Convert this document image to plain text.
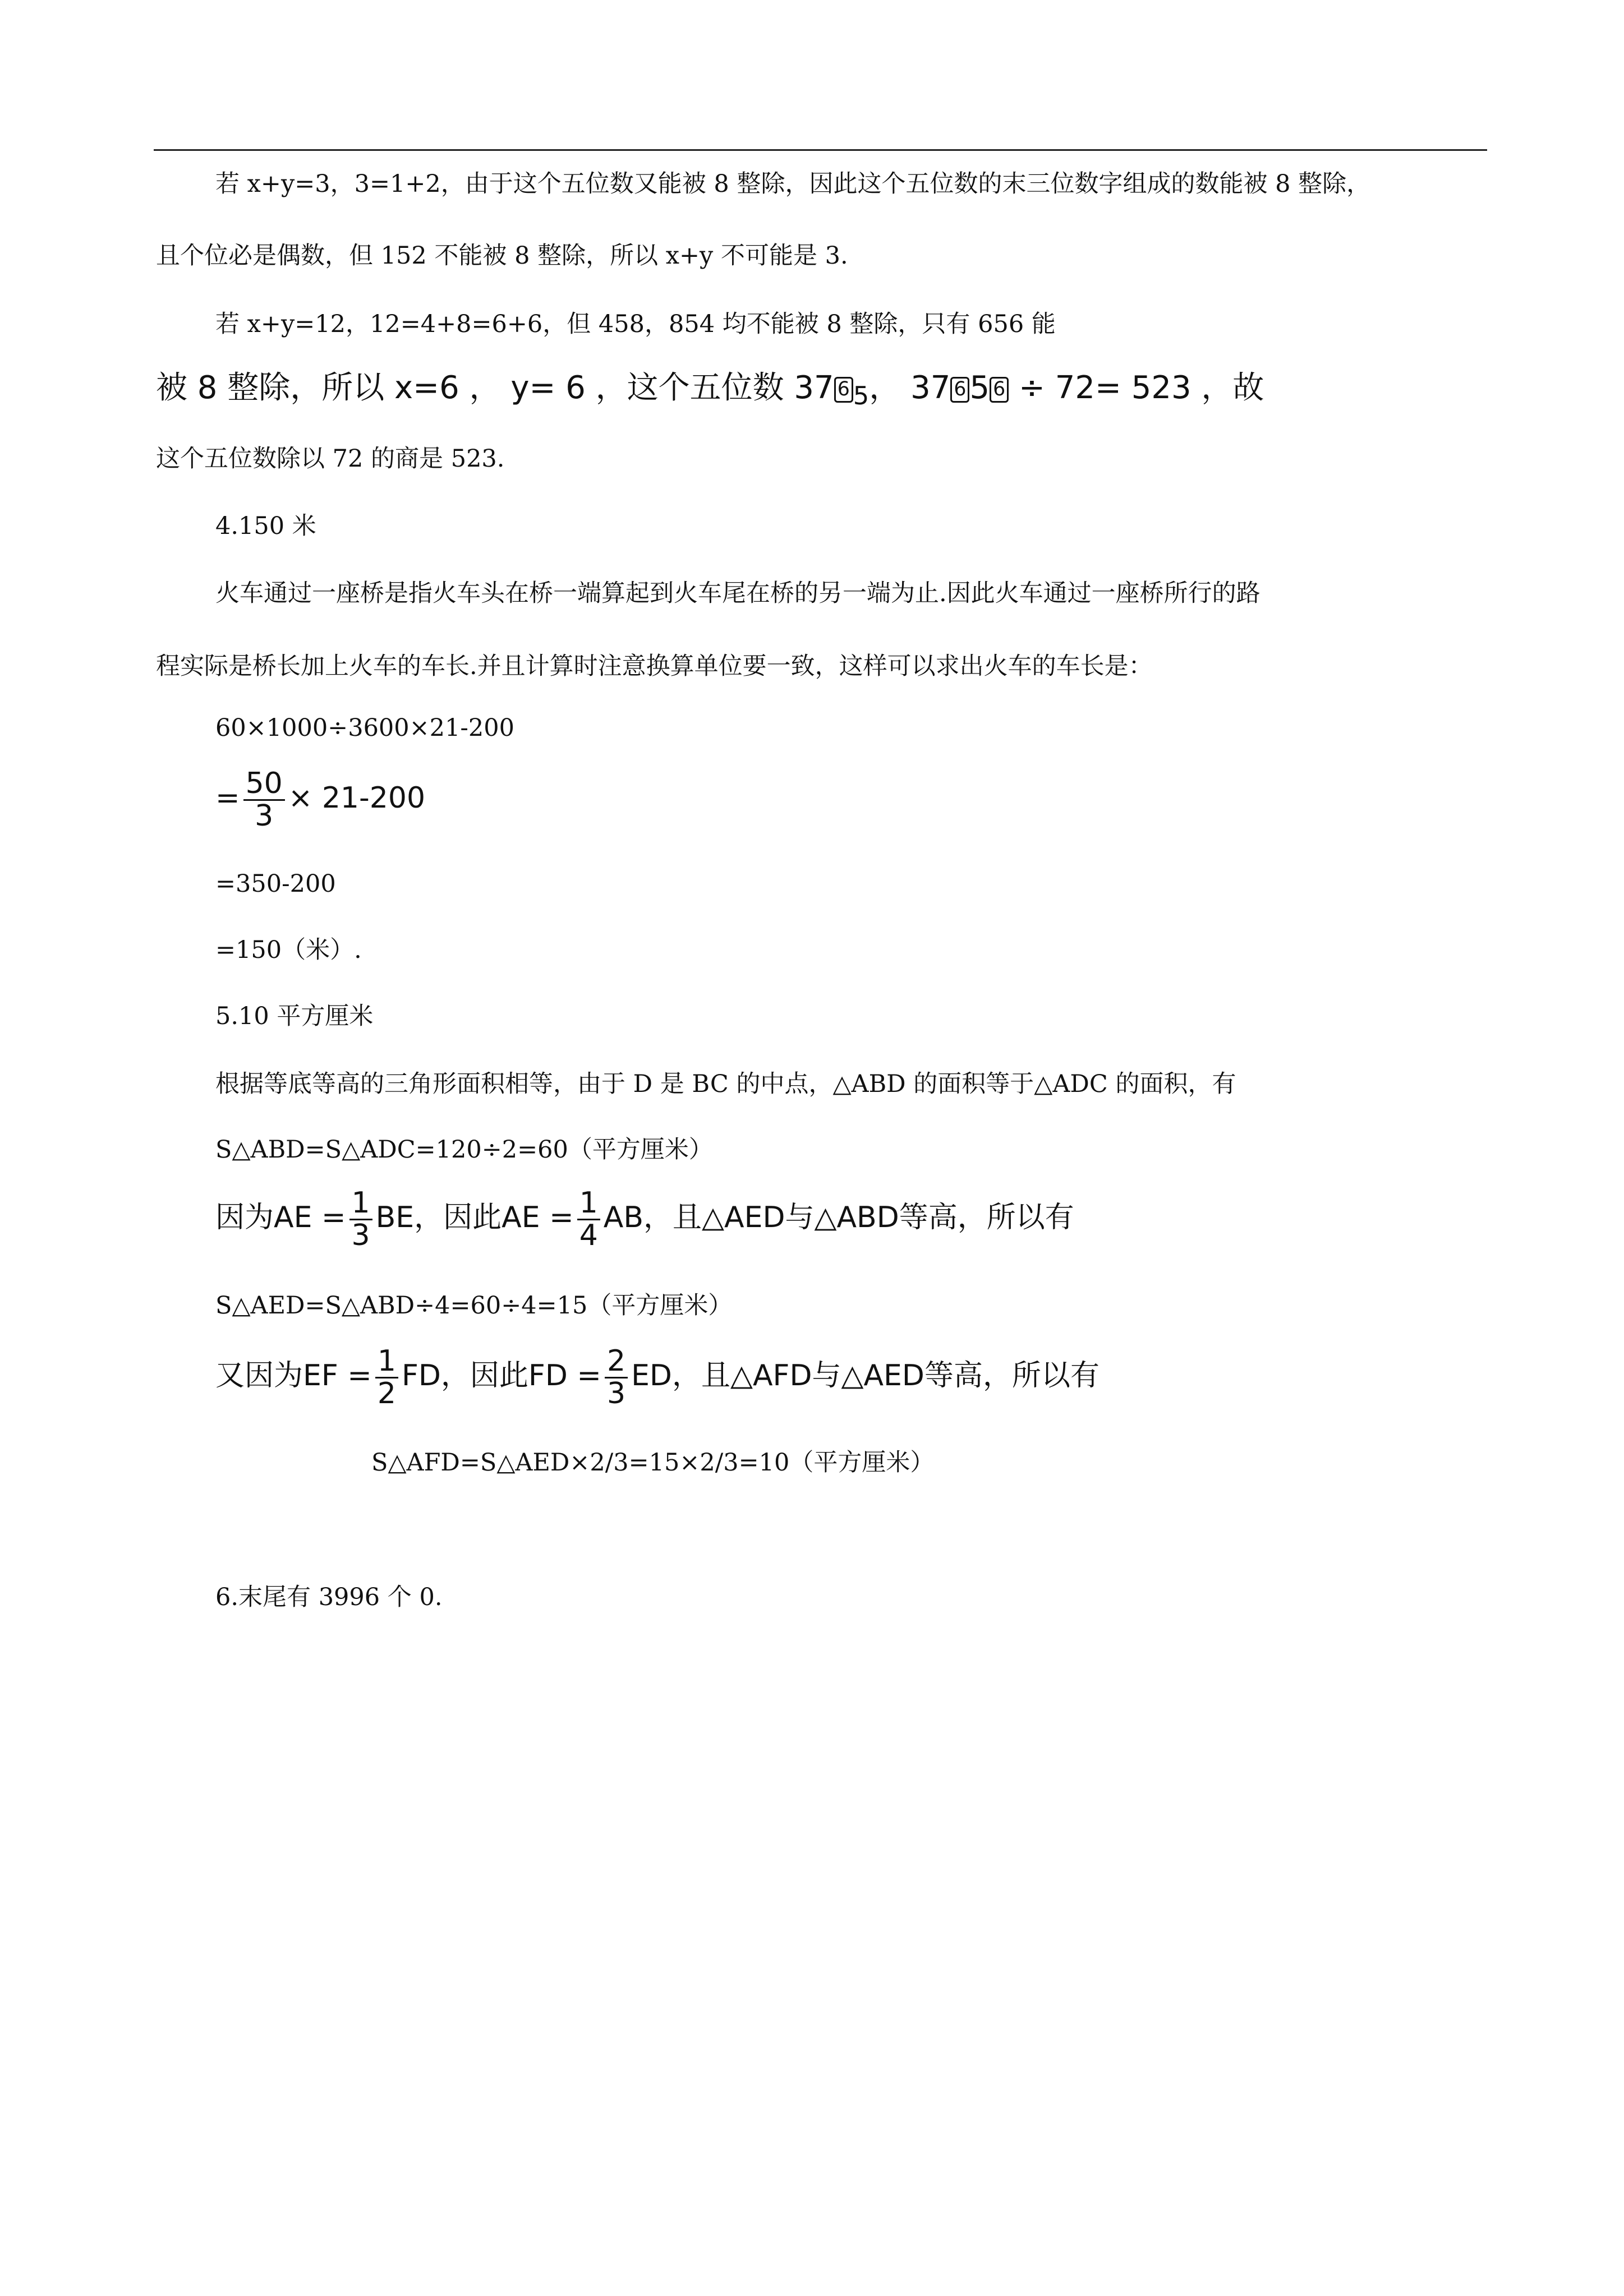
若 x+y=3，3=1+2，由于这个五位数又能被 8 整除，因此这个五位数的末三位数字组成的数能被 8 整除，
且个位必是偶数，但 152 不能被 8 整除，所以 x+y 不可能是 3.
若 x+y=12，12=4+8=6+6，但 458，854 均不能被 8 整除，只有 656 能
被 8 整除，所以 x=6 ， y= 6 ，这个五位数 37 6 $_5$， 37 6 5 6 ÷ 72= 523 ，故
这个五位数除以 72 的商是 523.
4.150 米
火车通过一座桥是指火车头在桥一端算起到火车尾在桥的另一端为止.因此火车通过一座桥所行的路
程实际是桥长加上火车的车长.并且计算时注意换算单位要一致，这样可以求出火车的车长是：
60×1000÷3600×21-200
= $\frac{50}{3} \times 21-200$
=350-200
=150（米）.
5.10 平方厘米
根据等底等高的三角形面积相等，由于 D 是 BC 的中点，△ABD 的面积等于△ADC 的面积，有
S△ABD=S△ADC=120÷2=60（平方厘米）
因为AE = $\frac{1}{3}$ BE，因此AE = $\frac{1}{4}$ AB，且△AED与△ABD等高，所以有
S△AED=S△ABD÷4=60÷4=15（平方厘米）
又因为EF = $\frac{1}{2}$ FD，因此FD = $\frac{2}{3}$ ED，且△AFD与△AED等高，所以有
S△AFD=S△AED×2/3=15×2/3=10（平方厘米）
6.末尾有 3996 个 0.
